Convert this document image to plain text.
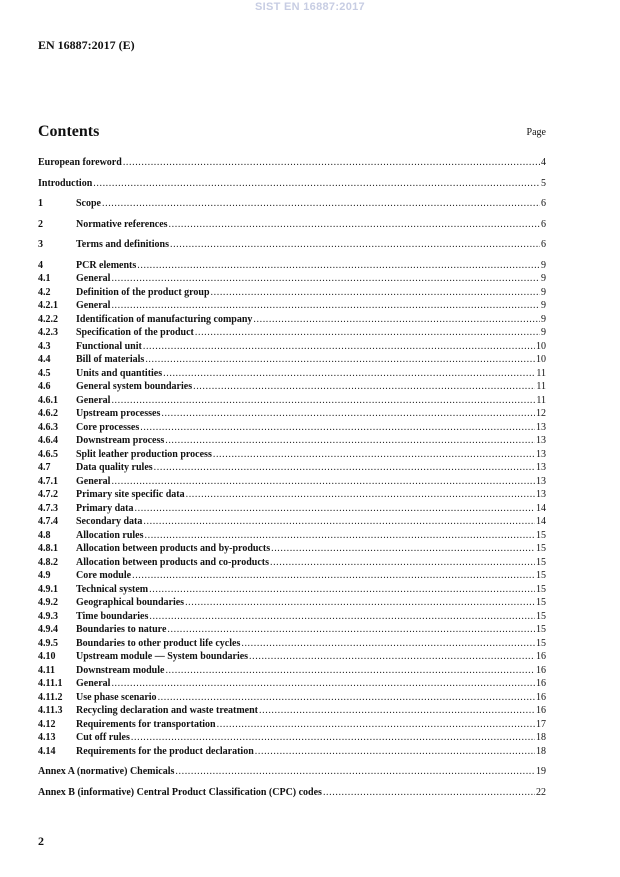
SIST EN 16887:2017
EN 16887:2017 (E)
Contents	Page
European foreword .....	4
Introduction .....	5
1	Scope .....	6
2	Normative references .....	6
3	Terms and definitions .....	6
4	PCR elements .....	9
4.1	General .....	9
4.2	Definition of the product group .....	9
4.2.1	General .....	9
4.2.2	Identification of manufacturing company .....	9
4.2.3	Specification of the product .....	9
4.3	Functional unit .....	10
4.4	Bill of materials .....	10
4.5	Units and quantities .....	11
4.6	General system boundaries .....	11
4.6.1	General .....	11
4.6.2	Upstream processes .....	12
4.6.3	Core processes .....	13
4.6.4	Downstream process .....	13
4.6.5	Split leather production process .....	13
4.7	Data quality rules .....	13
4.7.1	General .....	13
4.7.2	Primary site specific data .....	13
4.7.3	Primary data .....	14
4.7.4	Secondary data .....	14
4.8	Allocation rules .....	15
4.8.1	Allocation between products and by-products .....	15
4.8.2	Allocation between products and co-products .....	15
4.9	Core module .....	15
4.9.1	Technical system .....	15
4.9.2	Geographical boundaries .....	15
4.9.3	Time boundaries .....	15
4.9.4	Boundaries to nature .....	15
4.9.5	Boundaries to other product life cycles .....	15
4.10	Upstream module — System boundaries .....	16
4.11	Downstream module .....	16
4.11.1	General .....	16
4.11.2	Use phase scenario .....	16
4.11.3	Recycling declaration and waste treatment .....	16
4.12	Requirements for transportation .....	17
4.13	Cut off rules .....	18
4.14	Requirements for the product declaration .....	18
Annex A (normative) Chemicals .....	19
Annex B (informative) Central Product Classification (CPC) codes .....	22
2
